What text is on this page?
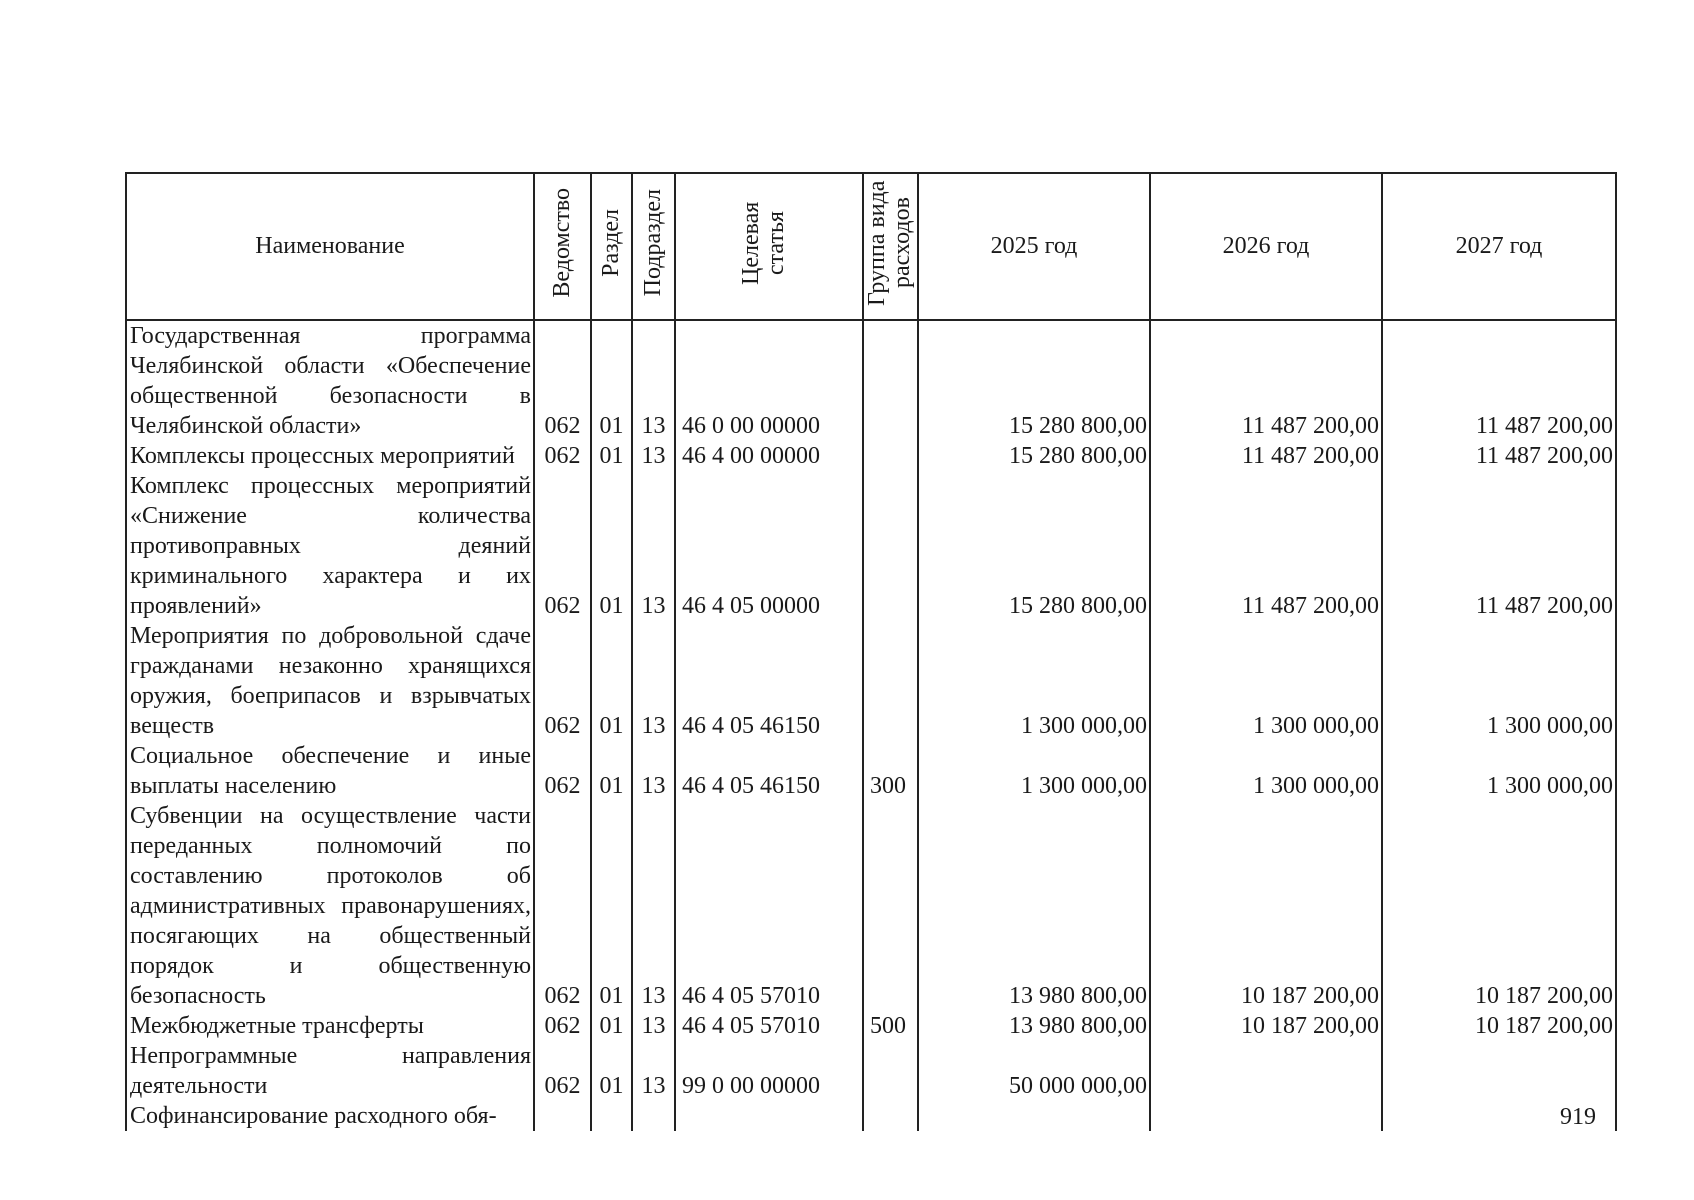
Наименование	Ведомство	Раздел	Подраздел	Целевая статья	Группа вида расходов	2025 год	2026 год	2027 год
Государственная программа Челябинской области «Обеспечение общественной безопасности в Челябинской области»	062	01	13	46 0 00 00000		15 280 800,00	11 487 200,00	11 487 200,00
Комплексы процессных мероприятий	062	01	13	46 4 00 00000		15 280 800,00	11 487 200,00	11 487 200,00
Комплекс процессных мероприятий «Снижение количества противоправных деяний криминального характера и их проявлений»	062	01	13	46 4 05 00000		15 280 800,00	11 487 200,00	11 487 200,00
Мероприятия по добровольной сдаче гражданами незаконно хранящихся оружия, боеприпасов и взрывчатых веществ	062	01	13	46 4 05 46150		1 300 000,00	1 300 000,00	1 300 000,00
Социальное обеспечение и иные выплаты населению	062	01	13	46 4 05 46150	300	1 300 000,00	1 300 000,00	1 300 000,00
Субвенции на осуществление части переданных полномочий по составлению протоколов об административных правонарушениях, посягающих на общественный порядок и общественную безопасность	062	01	13	46 4 05 57010		13 980 800,00	10 187 200,00	10 187 200,00
Межбюджетные трансферты	062	01	13	46 4 05 57010	500	13 980 800,00	10 187 200,00	10 187 200,00
Непрограммные направления деятельности	062	01	13	99 0 00 00000		50 000 000,00		
Софинансирование расходного обя-									919
